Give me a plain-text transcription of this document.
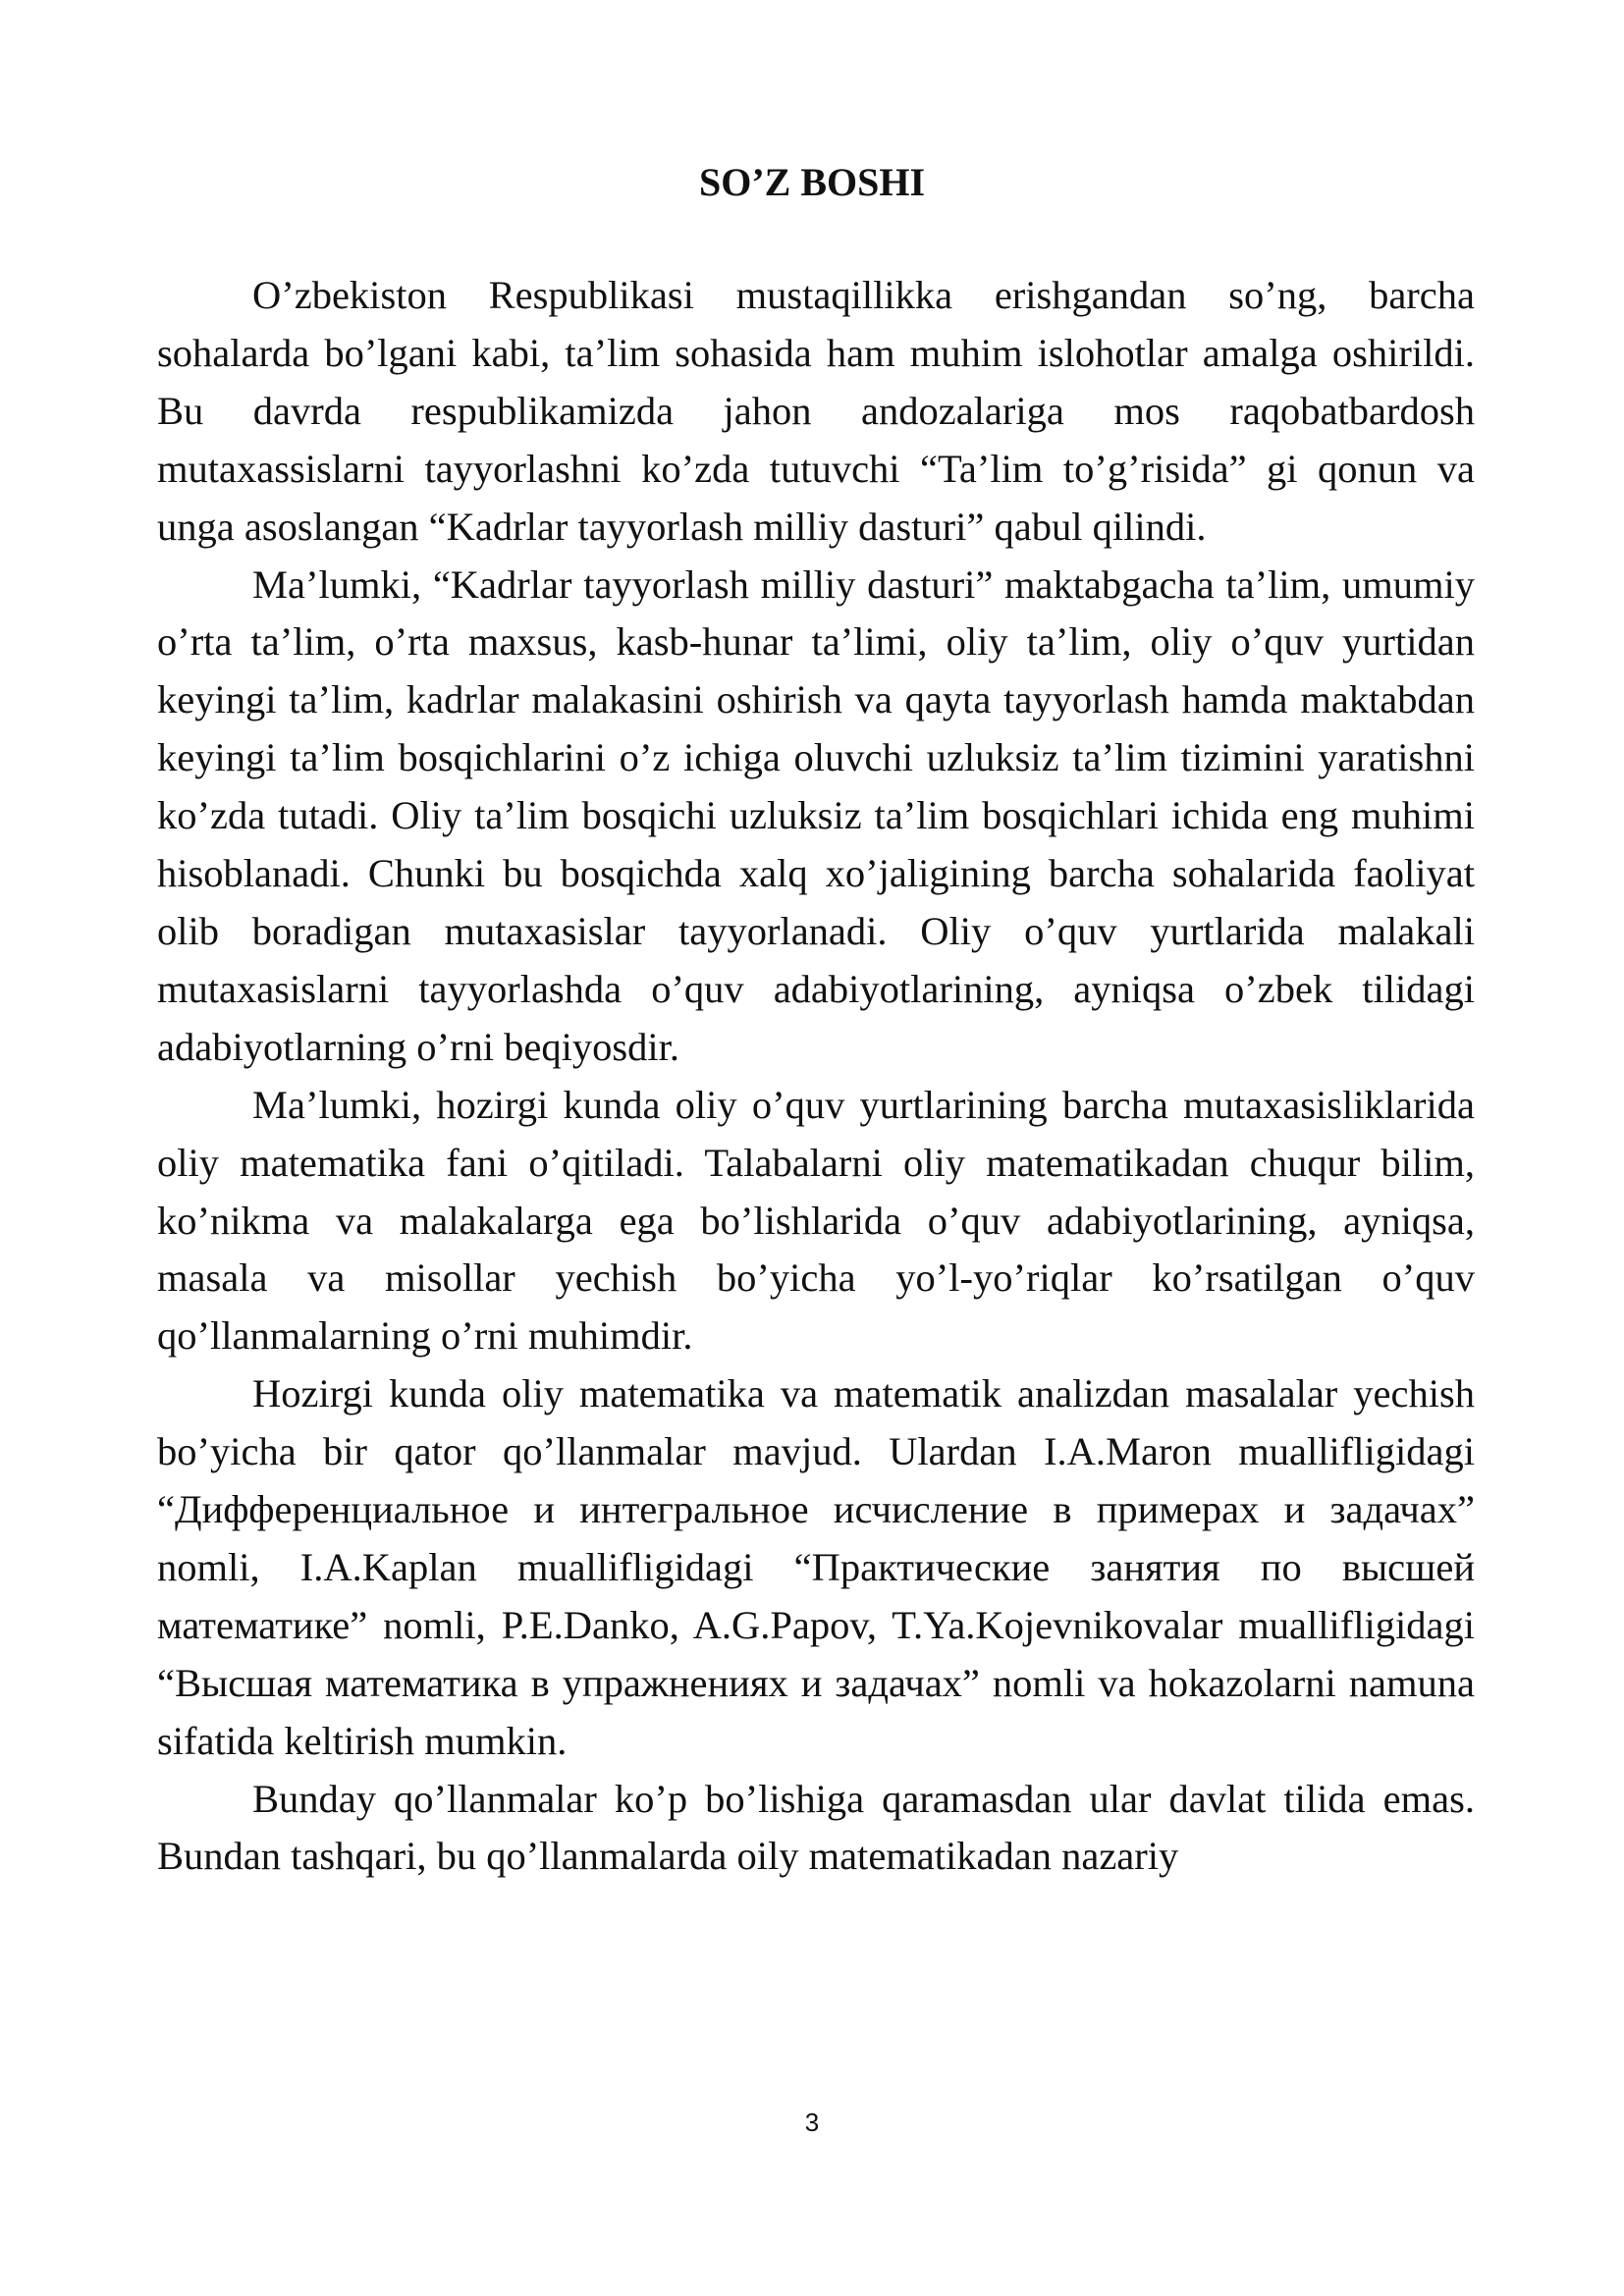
SO’Z BOSHI

O’zbekiston Respublikasi mustaqillikka erishgandan so’ng, barcha sohalarda bo’lgani kabi, ta’lim sohasida ham muhim islohotlar amalga oshirildi. Bu davrda respublikamizda jahon andozalariga mos raqobatbardosh mutaxassislarni tayyorlashni ko’zda tutuvchi “Ta’lim to’g’risida” gi qonun va unga asoslangan “Kadrlar tayyorlash milliy dasturi” qabul qilindi.

Ma’lumki, “Kadrlar tayyorlash milliy dasturi” maktabgacha ta’lim, umumiy o’rta ta’lim, o’rta maxsus, kasb-hunar ta’limi, oliy ta’lim, oliy o’quv yurtidan keyingi ta’lim, kadrlar malakasini oshirish va qayta tayyorlash hamda maktabdan keyingi ta’lim bosqichlarini o’z ichiga oluvchi uzluksiz ta’lim tizimini yaratishni ko’zda tutadi. Oliy ta’lim bosqichi uzluksiz ta’lim bosqichlari ichida eng muhimi hisoblanadi. Chunki bu bosqichda xalq xo’jaligining barcha sohalarida faoliyat olib boradigan mutaxasislar tayyorlanadi. Oliy o’quv yurtlarida malakali mutaxasislarni tayyorlashda o’quv adabiyotlarining, ayniqsa o’zbek tilidagi adabiyotlarning o’rni beqiyosdir.

Ma’lumki, hozirgi kunda oliy o’quv yurtlarining barcha mutaxasisliklarida oliy matematika fani o’qitiladi. Talabalarni oliy matematikadan chuqur bilim, ko’nikma va malakalarga ega bo’lishlarida o’quv adabiyotlarining, ayniqsa, masala va misollar yechish bo’yicha yo’l-yo’riqlar ko’rsatilgan o’quv qo’llanmalarning o’rni muhimdir.

Hozirgi kunda oliy matematika va matematik analizdan masalalar yechish bo’yicha bir qator qo’llanmalar mavjud. Ulardan I.A.Maron muallifligidagi “Дифференциальное и интегральное исчисление в примерах и задачах” nomli, I.A.Kaplan muallifligidagi “Практические занятия по высшей математике” nomli, P.E.Danko, A.G.Papov, T.Ya.Kojevnikovalar muallifligidagi “Высшая математика в упражнениях и задачах” nomli va hokazolarni namuna sifatida keltirish mumkin.

Bunday qo’llanmalar ko’p bo’lishiga qaramasdan ular davlat tilida emas. Bundan tashqari, bu qo’llanmalarda oily matematikadan nazariy

3
